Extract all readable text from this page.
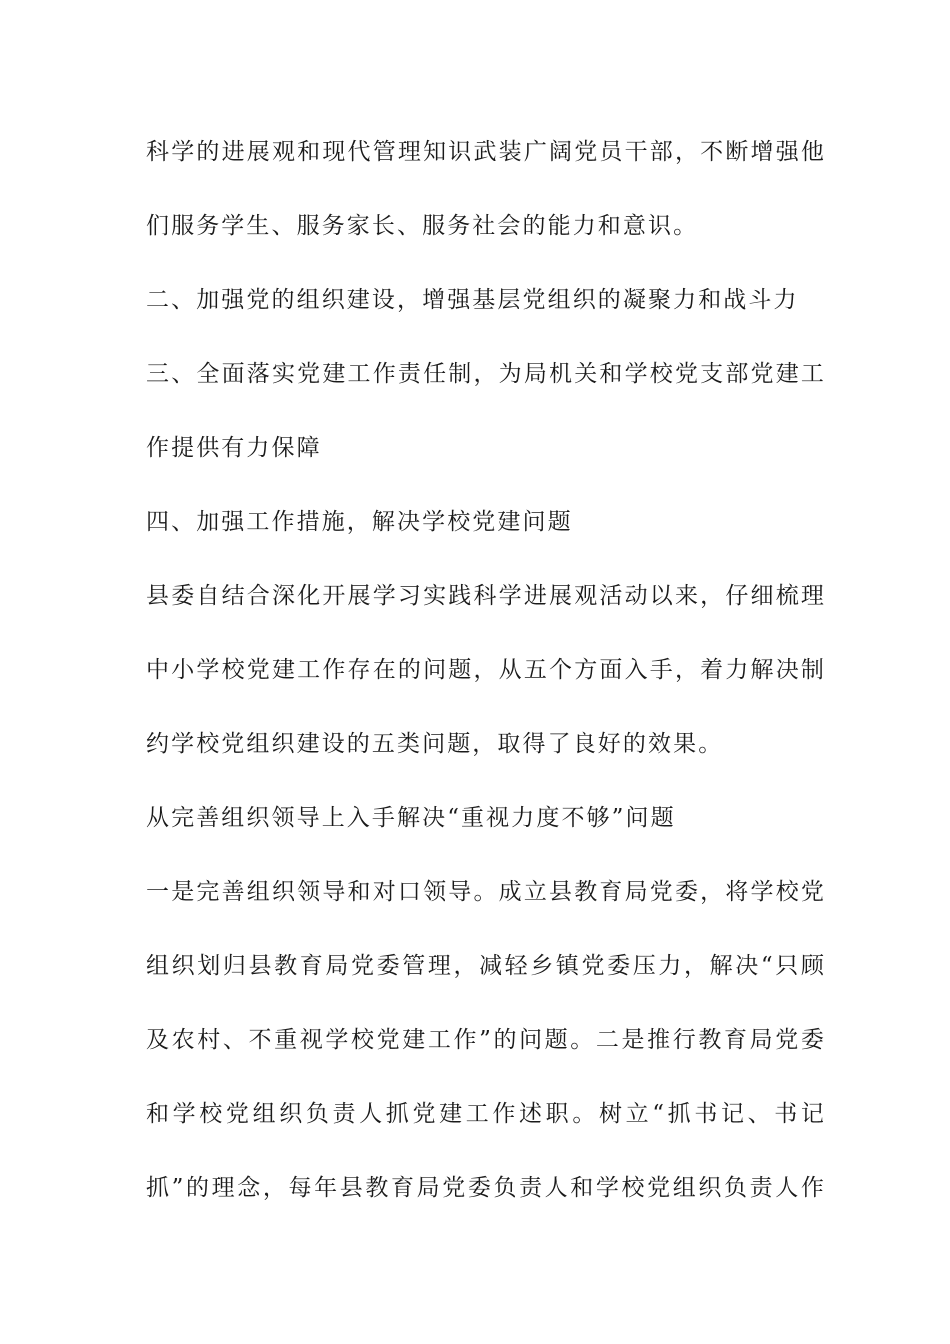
科学的进展观和现代管理知识武装广阔党员干部，不断增强他
们服务学生、服务家长、服务社会的能力和意识。
二、加强党的组织建设，增强基层党组织的凝聚力和战斗力
三、全面落实党建工作责任制，为局机关和学校党支部党建工
作提供有力保障
四、加强工作措施，解决学校党建问题
县委自结合深化开展学习实践科学进展观活动以来，仔细梳理
中小学校党建工作存在的问题，从五个方面入手，着力解决制
约学校党组织建设的五类问题，取得了良好的效果。
从完善组织领导上入手解决“重视力度不够”问题
一是完善组织领导和对口领导。成立县教育局党委，将学校党
组织划归县教育局党委管理，减轻乡镇党委压力，解决“只顾
及农村、不重视学校党建工作”的问题。二是推行教育局党委
和学校党组织负责人抓党建工作述职。树立“抓书记、书记
抓”的理念，每年县教育局党委负责人和学校党组织负责人作
